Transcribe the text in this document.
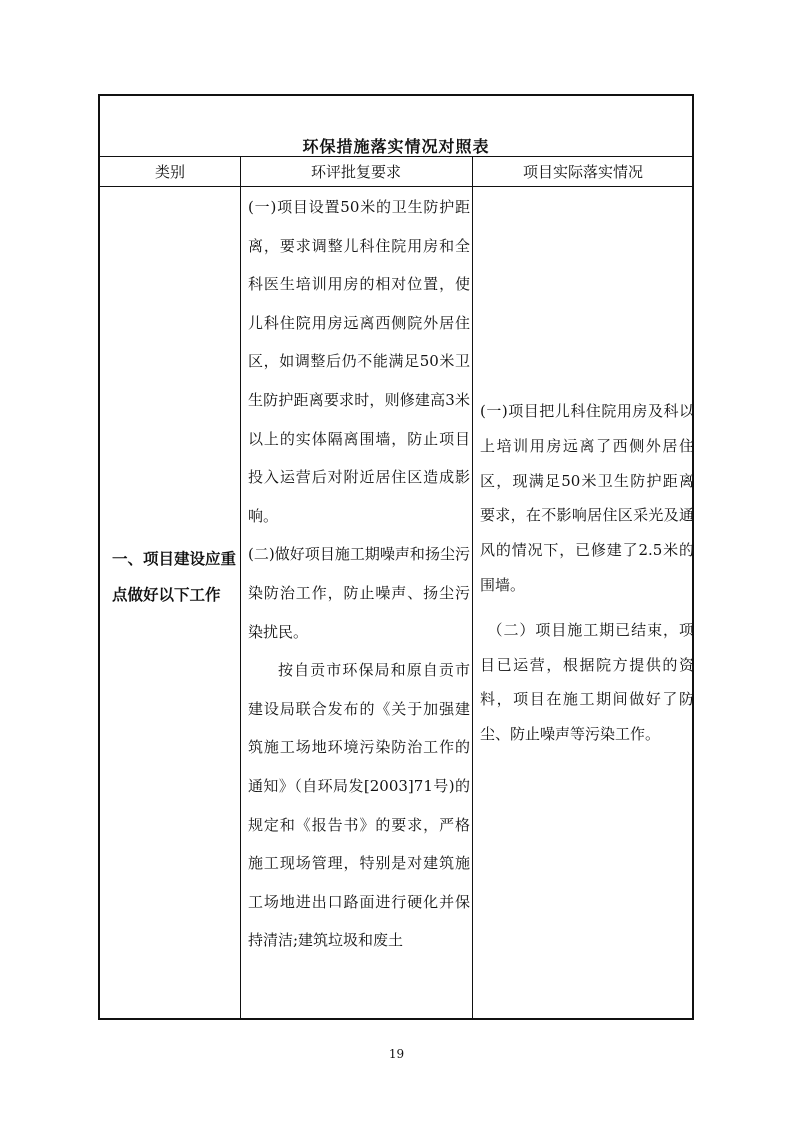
环保措施落实情况对照表
类别	环评批复要求	项目实际落实情况
一、项目建设应重点做好以下工作

(一)项目设置50米的卫生防护距离，要求调整儿科住院用房和全科医生培训用房的相对位置，使儿科住院用房远离西侧院外居住区，如调整后仍不能满足50米卫生防护距离要求时，则修建高3米以上的实体隔离围墙，防止项目投入运营后对附近居住区造成影响。

(二)做好项目施工期噪声和扬尘污染防治工作，防止噪声、扬尘污染扰民。

按自贡市环保局和原自贡市建设局联合发布的《关于加强建筑施工场地环境污染防治工作的通知》（自环局发[2003]71号)的规定和《报告书》的要求，严格施工现场管理，特别是对建筑施工场地进出口路面进行硬化并保持清洁;建筑垃圾和废土

(一)项目把儿科住院用房及科以上培训用房远离了西侧外居住区，现满足50米卫生防护距离要求，在不影响居住区采光及通风的情况下，已修建了2.5米的围墙。

（二）项目施工期已结束，项目已运营，根据院方提供的资料，项目在施工期间做好了防尘、防止噪声等污染工作。

19
